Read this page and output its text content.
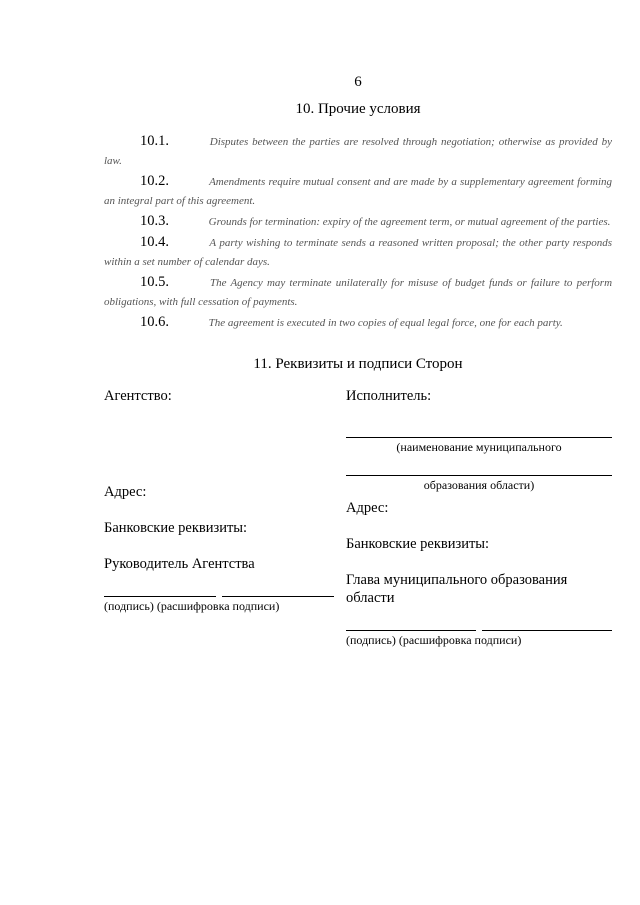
6
10. Прочие условия

10.1.	Disputes between the parties are resolved through negotiation; otherwise as provided by law.

10.2.	Amendments require mutual consent and are made by a supplementary agreement forming an integral part of this agreement.

10.3.	Grounds for termination: expiry of the agreement term, or mutual agreement of the parties.

10.4.	A party wishing to terminate sends a reasoned written proposal; the other party responds within a set number of calendar days.

10.5.	The Agency may terminate unilaterally for misuse of budget funds or failure to perform obligations, with full cessation of payments.

10.6.	The agreement is executed in two copies of equal legal force, one for each party.

11. Реквизиты и подписи Сторон
Агентство:
Адрес:
Банковские реквизиты:
Руководитель Агентства
(подпись) (расшифровка подписи)
Исполнитель:
(наименование муниципального
образования области)
Адрес:
Банковские реквизиты:
Глава муниципального образования области
(подпись) (расшифровка подписи)
